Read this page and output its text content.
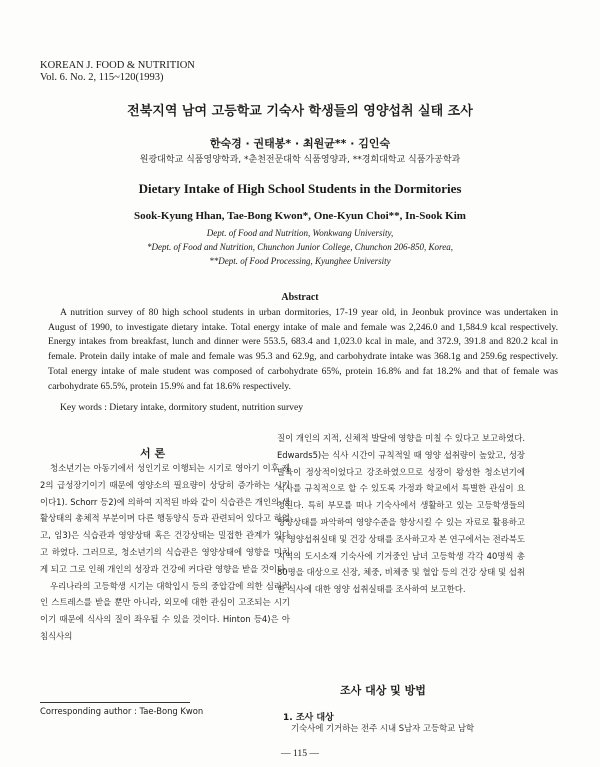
KOREAN J. FOOD & NUTRITION
Vol. 6. No. 2, 115~120(1993)
전북지역 남여 고등학교 기숙사 학생들의 영양섭취 실태 조사
한숙경 · 권태봉* · 최원균** · 김인숙
원광대학교 식품영양학과, *춘천전문대학 식품영양과, **경희대학교 식품가공학과
Dietary Intake of High School Students in the Dormitories
Sook-Kyung Hhan, Tae-Bong Kwon*, One-Kyun Choi**, In-Sook Kim
Dept. of Food and Nutrition, Wonkwang University,
*Dept. of Food and Nutrition, Chunchon Junior College, Chunchon 206-850, Korea,
**Dept. of Food Processing, Kyunghee University
Abstract

A nutrition survey of 80 high school students in urban dormitories, 17-19 year old, in Jeonbuk province was undertaken in August of 1990, to investigate dietary intake. Total energy intake of male and female was 2,246.0 and 1,584.9 kcal respectively. Energy intakes from breakfast, lunch and dinner were 553.5, 683.4 and 1,023.0 kcal in male, and 372.9, 391.8 and 820.2 kcal in female. Protein daily intake of male and female was 95.3 and 62.9g, and carbohydrate intake was 368.1g and 259.6g respectively. Total energy intake of male student was composed of carbohydrate 65%, protein 16.8% and fat 18.2% and that of female was carbohydrate 65.5%, protein 15.9% and fat 18.6% respectively.

Key words : Dietary intake, dormitory student, nutrition survey
서 론

청소년기는 아동기에서 성인기로 이행되는 시기로 영아기 이후 제2의 급성장기이기 때문에 영양소의 필요량이 상당히 증가하는 시기이다1). Schorr 등2)에 의하여 지적된 바와 같이 식습관은 개인의 생활상태의 총체적 부분이며 다른 행동양식 등과 관련되어 있다고 하였고, 임3)은 식습관과 영양상태 혹은 건강상태는 밀접한 관계가 있다고 하였다. 그러므로, 청소년기의 식습관은 영양상태에 영향을 미치게 되고 그로 인해 개인의 성장과 건강에 커다란 영향을 받을 것이다.

우리나라의 고등학생 시기는 대학입시 등의 중압감에 의한 심리적인 스트레스를 받을 뿐만 아니라, 외모에 대한 관심이 고조되는 시기이기 때문에 식사의 질이 좌우될 수 있을 것이다. Hinton 등4)은 아침식사의

질이 개인의 지적, 신체적 발달에 영향을 미칠 수 있다고 보고하였다. Edwards5)는 식사 시간이 규칙적일 때 영양 섭취량이 높았고, 성장 발육이 정상적이었다고 강조하였으므로 성장이 왕성한 청소년기에 식사를 규칙적으로 할 수 있도록 가정과 학교에서 특별한 관심이 요청된다. 특히 부모를 떠나 기숙사에서 생활하고 있는 고등학생들의 영양상태를 파악하여 영양수준을 향상시킬 수 있는 자료로 활용하고자 영양섭취실태 및 건강 상태를 조사하고자 본 연구에서는 전라북도 지역의 도시소재 기숙사에 기거중인 남녀 고등학생 각각 40명씩 총 80명을 대상으로 신장, 체중, 비체중 및 혈압 등의 건강 상태 및 섭취한 식사에 대한 영양 섭취실태를 조사하여 보고한다.

조사 대상 및 방법
Corresponding author : Tae-Bong Kwon
1. 조사 대상
기숙사에 기거하는 전주 시내 S남자 고등학교 남학
— 115 —
